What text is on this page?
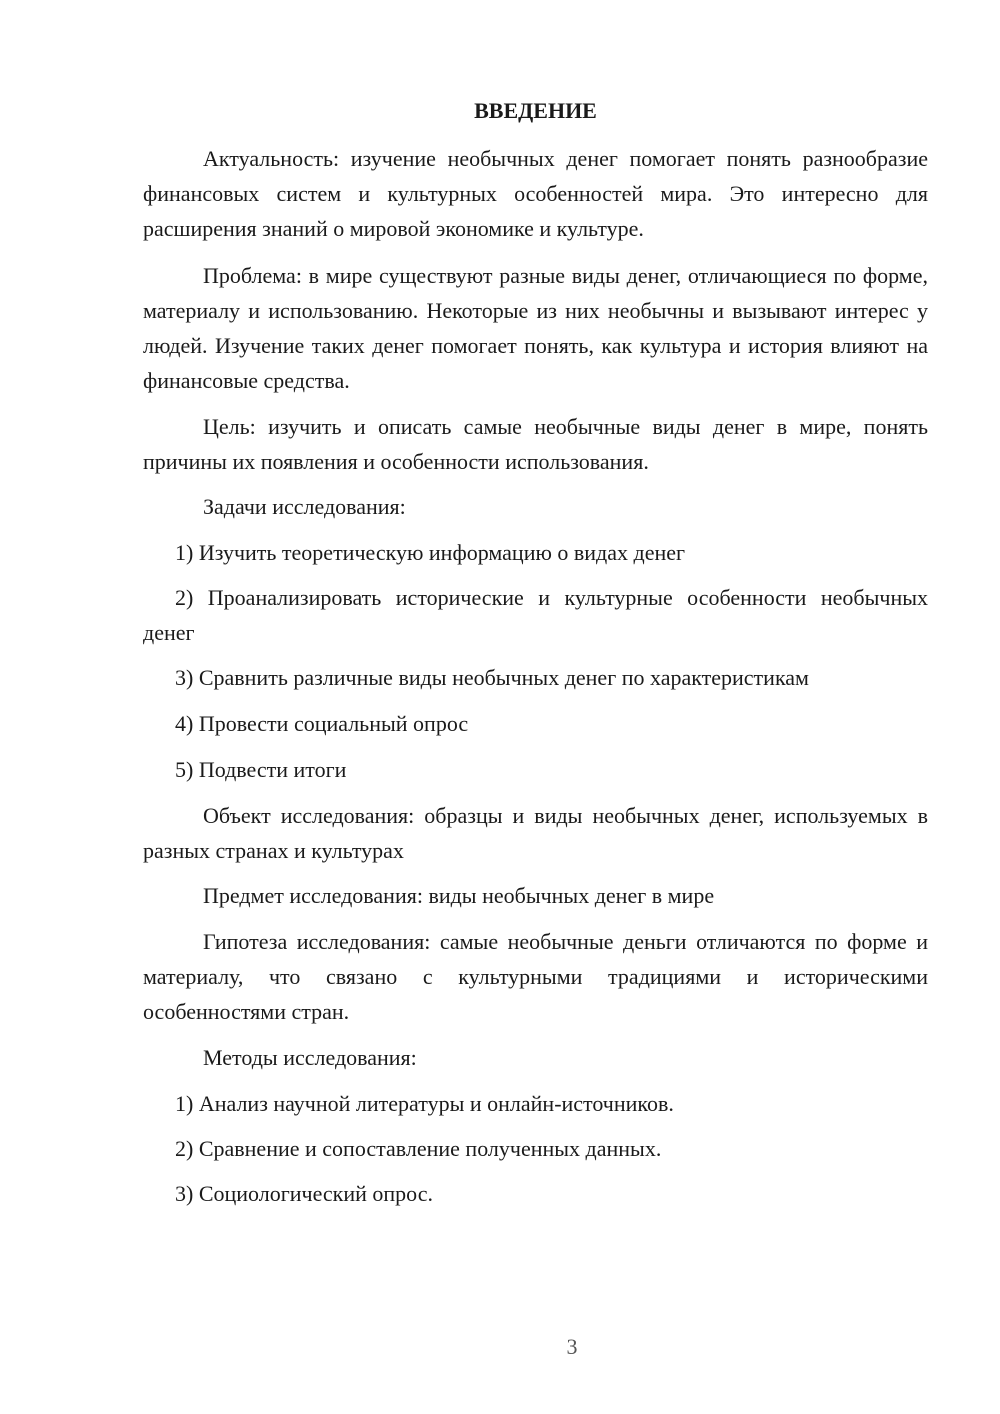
ВВЕДЕНИЕ

Актуальность: изучение необычных денег помогает понять разнообразие финансовых систем и культурных особенностей мира. Это интересно для расширения знаний о мировой экономике и культуре.

Проблема: в мире существуют разные виды денег, отличающиеся по форме, материалу и использованию. Некоторые из них необычны и вызывают интерес у людей. Изучение таких денег помогает понять, как культура и история влияют на финансовые средства.

Цель: изучить и описать самые необычные виды денег в мире, понять причины их появления и особенности использования.

Задачи исследования:

1) Изучить теоретическую информацию о видах денег

2) Проанализировать исторические и культурные особенности необычных денег

3) Сравнить различные виды необычных денег по характеристикам

4) Провести социальный опрос

5) Подвести итоги

Объект исследования: образцы и виды необычных денег, используемых в разных странах и культурах

Предмет исследования: виды необычных денег в мире

Гипотеза исследования: самые необычные деньги отличаются по форме и материалу, что связано с культурными традициями и историческими особенностями стран.

Методы исследования:

1) Анализ научной литературы и онлайн-источников.

2) Сравнение и сопоставление полученных данных.

3) Социологический опрос.

3
